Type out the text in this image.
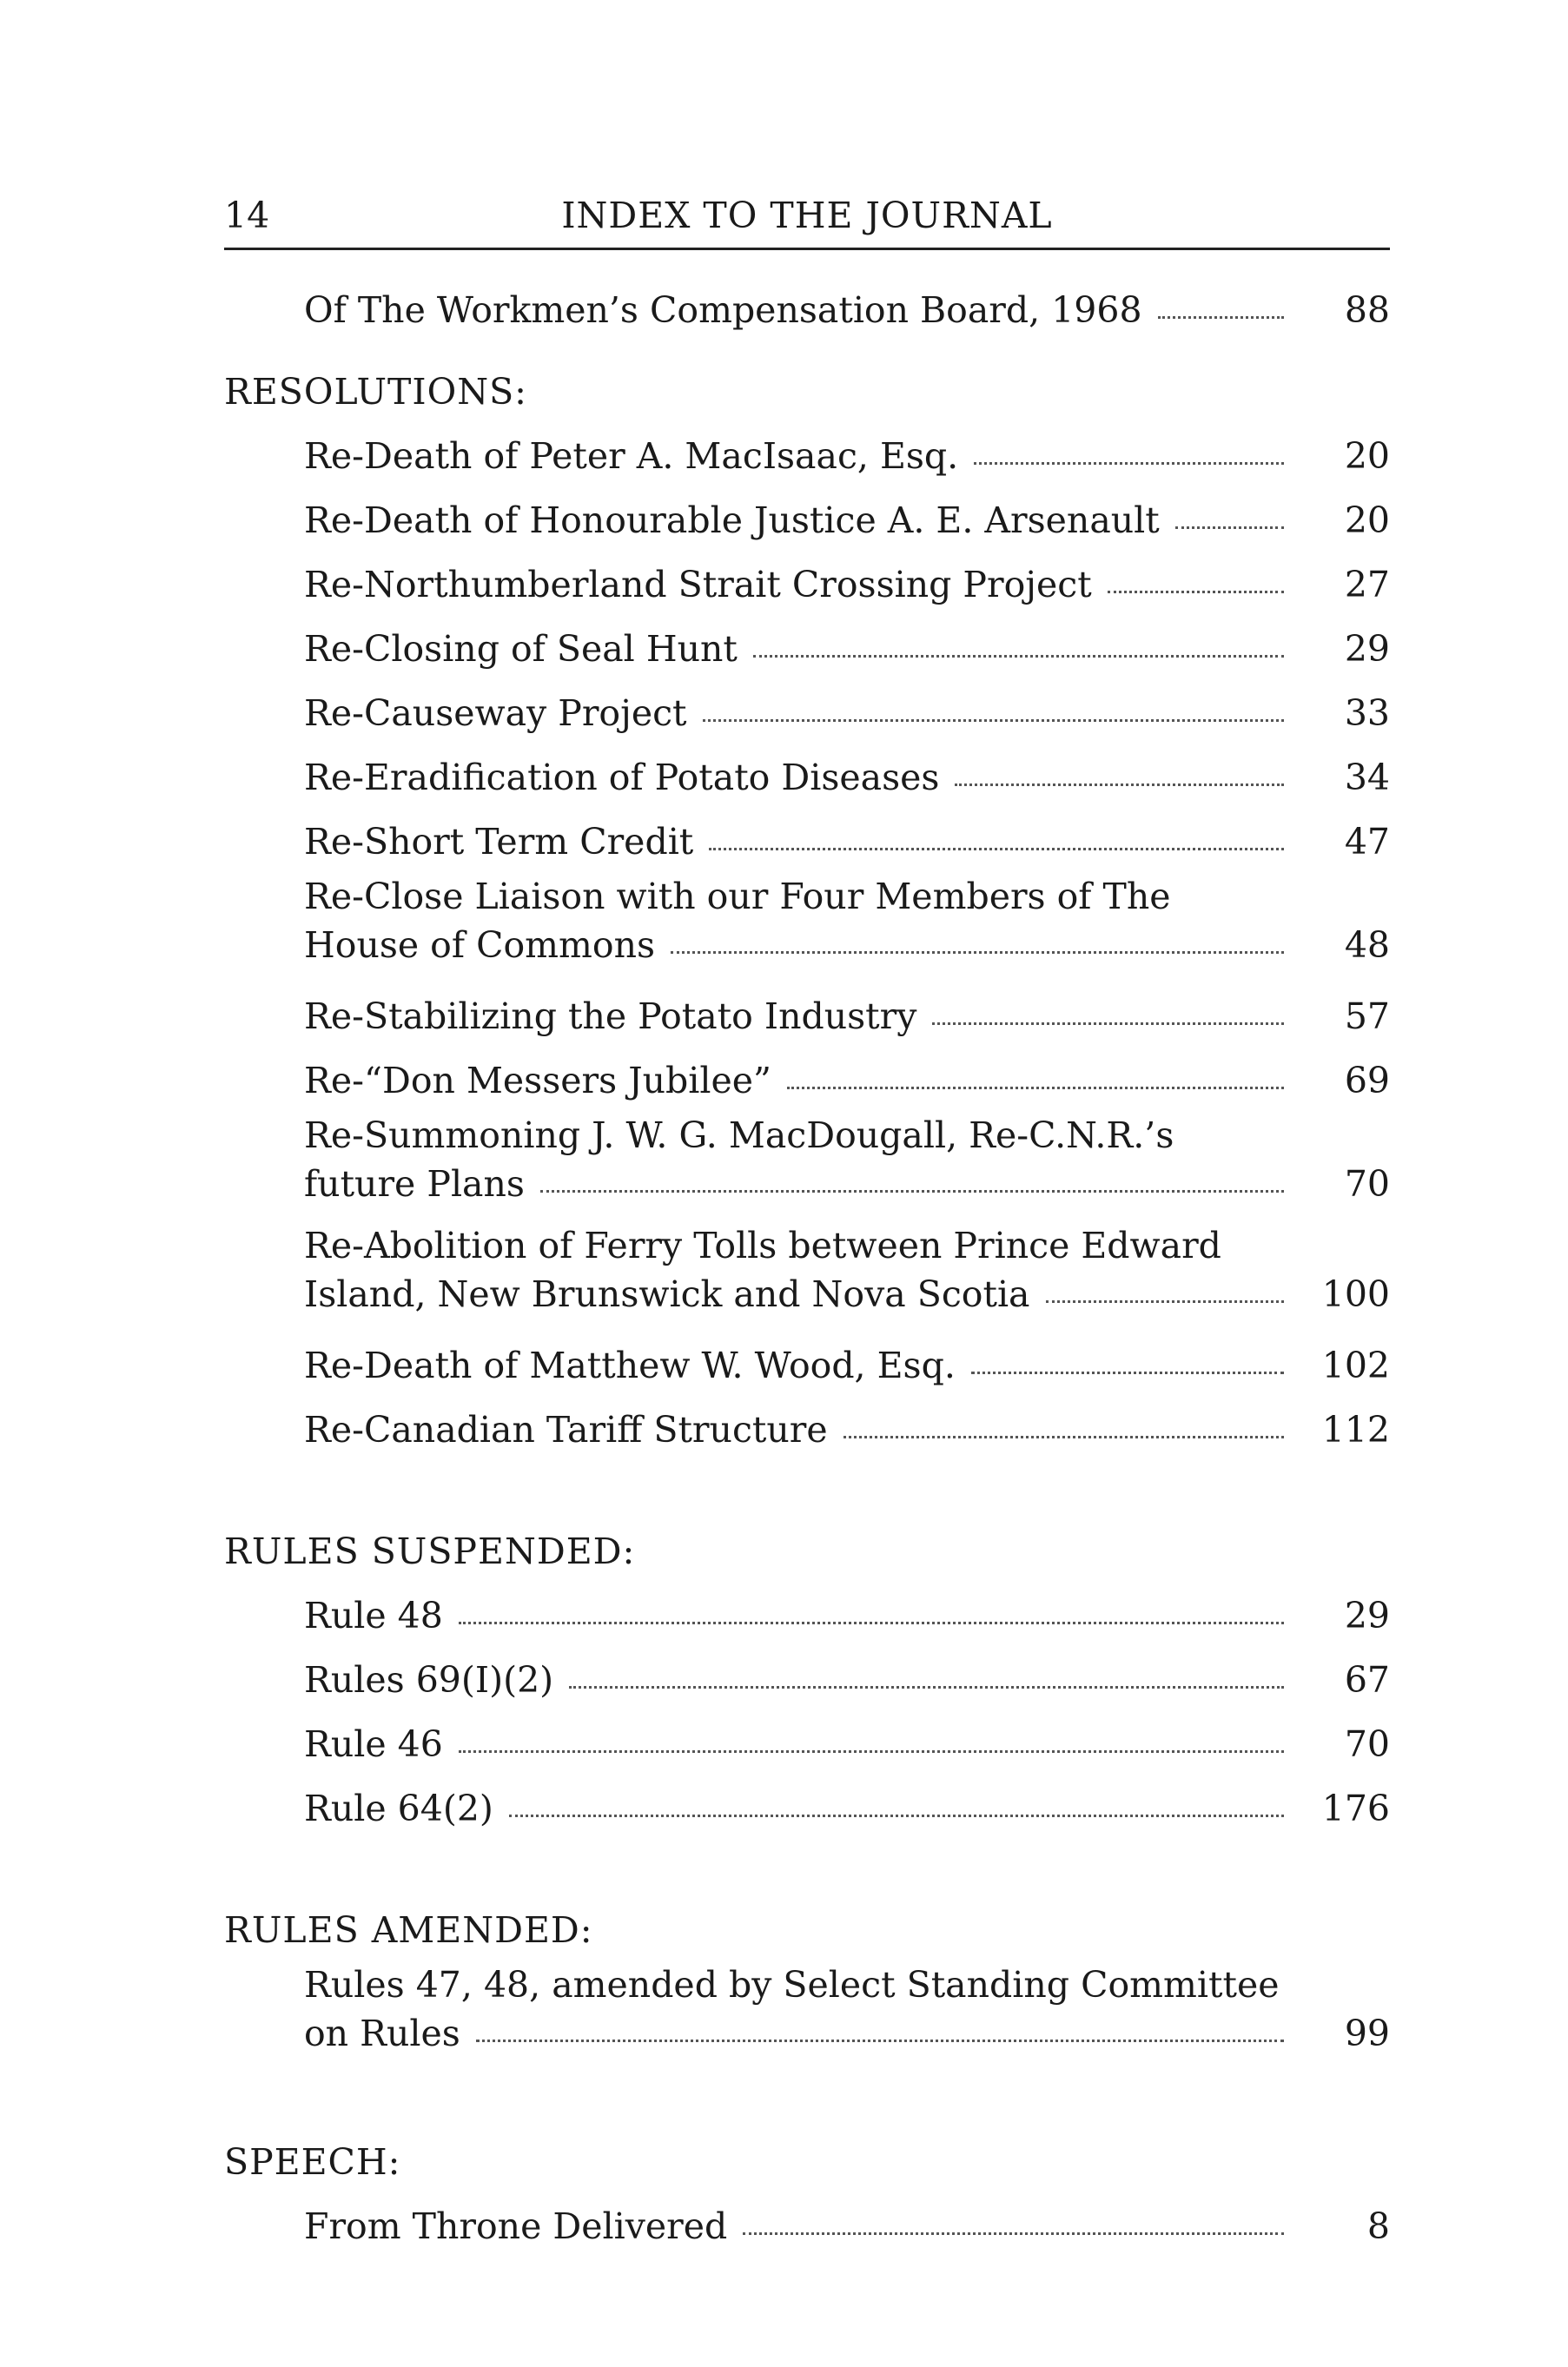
14	INDEX TO THE JOURNAL
Of The Workmen’s Compensation Board, 1968	88
RESOLUTIONS:
Re-Death of Peter A. MacIsaac, Esq.	20
Re-Death of Honourable Justice A. E. Arsenault	20
Re-Northumberland Strait Crossing Project	27
Re-Closing of Seal Hunt	29
Re-Causeway Project	33
Re-Eradification of Potato Diseases	34
Re-Short Term Credit	47
Re-Close Liaison with our Four Members of The
House of Commons	48
Re-Stabilizing the Potato Industry	57
Re-“Don Messers Jubilee”	69
Re-Summoning J. W. G. MacDougall, Re-C.N.R.’s
future Plans	70
Re-Abolition of Ferry Tolls between Prince Edward
Island, New Brunswick and Nova Scotia	100
Re-Death of Matthew W. Wood, Esq.	102
Re-Canadian Tariff Structure	112
RULES SUSPENDED:
Rule 48	29
Rules 69(I)(2)	67
Rule 46	70
Rule 64(2)	176
RULES AMENDED:
Rules 47, 48, amended by Select Standing Committee
on Rules	99
SPEECH:
From Throne Delivered	8
